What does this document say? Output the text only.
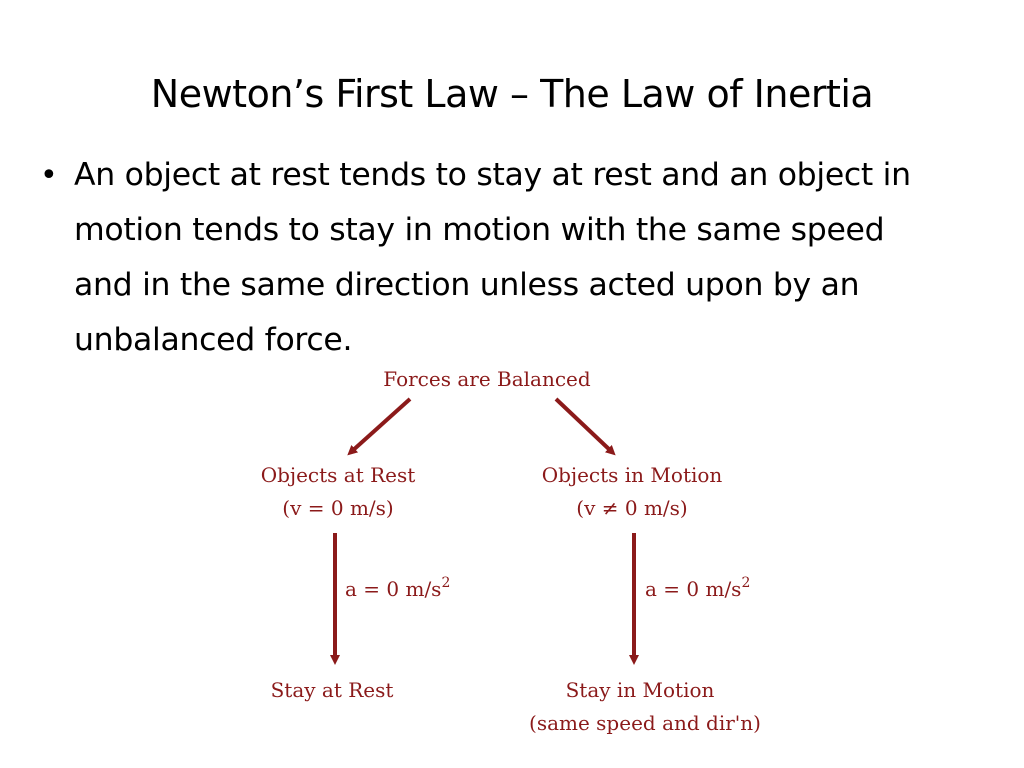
Newton’s First Law – The Law of Inertia
• An object at rest tends to stay at rest and an object in motion tends to stay in motion with the same speed and in the same direction unless acted upon by an unbalanced force.

Forces are Balanced
Objects at Rest
(v = 0 m/s)
Objects in Motion
(v ≠ 0 m/s)
a = 0 $m/s^2$	a = 0 $m/s^2$
Stay at Rest	Stay in Motion
(same speed and dir'n)
